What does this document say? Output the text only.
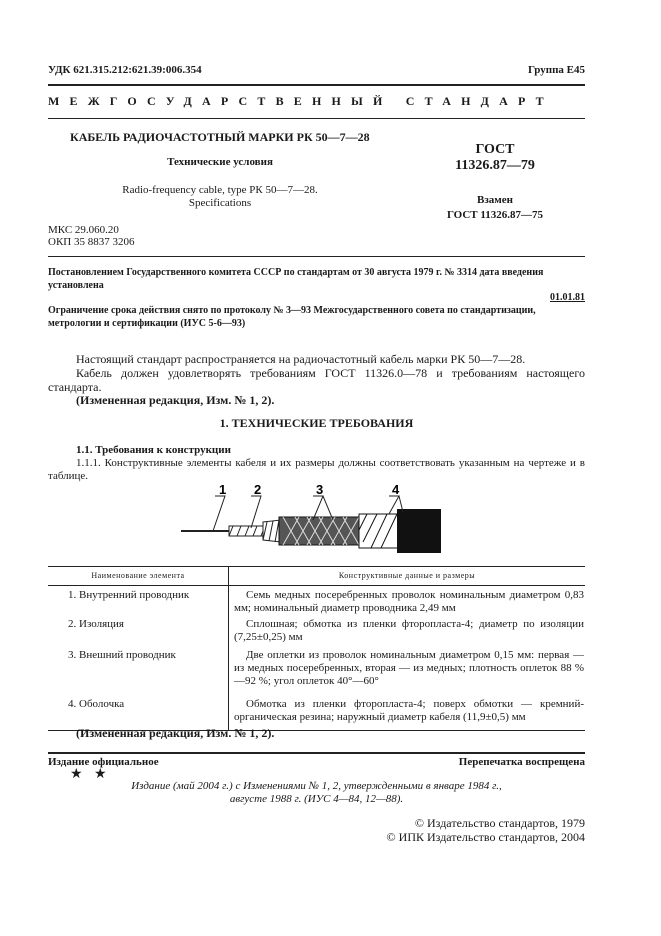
УДК 621.315.212:621.39:006.354	Группа Е45
МЕЖГОСУДАРСТВЕННЫЙ СТАНДАРТ
КАБЕЛЬ РАДИОЧАСТОТНЫЙ МАРКИ РК 50—7—28
Технические условия
Radio-frequency cable, type РК 50—7—28.
Specifications
ГОСТ
11326.87—79
Взамен
ГОСТ 11326.87—75
МКС 29.060.20
ОКП 35 8837 3206
Постановлением Государственного комитета СССР по стандартам от 30 августа 1979 г. № 3314 дата введения установлена
01.01.81
Ограничение срока действия снято по протоколу № 3—93 Межгосударственного совета по стандартизации, метрологии и сертификации (ИУС 5-6—93)
Настоящий стандарт распространяется на радиочастотный кабель марки РК 50—7—28.
Кабель должен удовлетворять требованиям ГОСТ 11326.0—78 и требованиям настоящего стандарта.
(Измененная редакция, Изм. № 1, 2).
1. ТЕХНИЧЕСКИЕ ТРЕБОВАНИЯ
1.1. Требования к конструкции
1.1.1. Конструктивные элементы кабеля и их размеры должны соответствовать указанным на чертеже и в таблице.
1 2	3	4
Наименование элемента	Конструктивные данные и размеры
1. Внутренний проводник	Семь медных посеребренных проволок номинальным диаметром 0,83 мм; номинальный диаметр проводника 2,49 мм
2. Изоляция	Сплошная; обмотка из пленки фторопласта-4; диаметр по изоляции (7,25±0,25) мм
3. Внешний проводник	Две оплетки из проволок номинальным диаметром 0,15 мм: первая — из медных посеребренных, вторая — из медных; плотность оплеток 88 %—92 %; угол оплеток 40°—60°
4. Оболочка	Обмотка из пленки фторопласта-4; поверх обмотки — кремний-органическая резина; наружный диаметр кабеля (11,9±0,5) мм
(Измененная редакция, Изм. № 1, 2).
Издание официальное	Перепечатка воспрещена
★ ★
Издание (май 2004 г.) с Изменениями № 1, 2, утвержденными в январе 1984 г.,
августе 1988 г. (ИУС 4—84, 12—88).
© Издательство стандартов, 1979
© ИПК Издательство стандартов, 2004
